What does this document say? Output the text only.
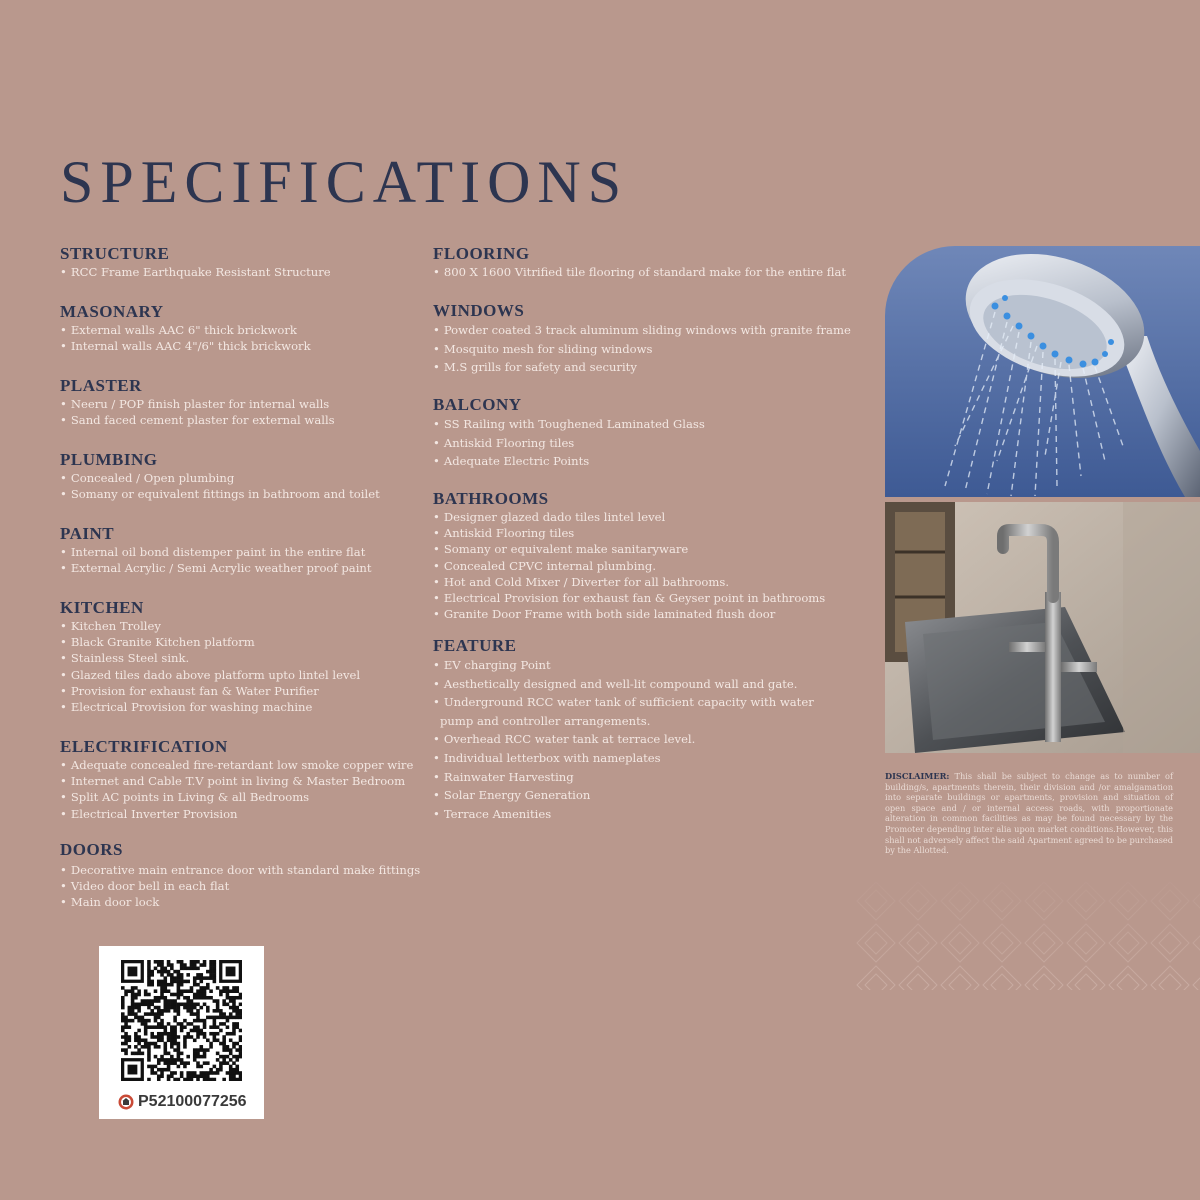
SPECIFICATIONS
STRUCTURE
• RCC Frame Earthquake Resistant Structure
MASONARY
• External walls AAC 6" thick brickwork
• Internal walls AAC 4"/6" thick brickwork
PLASTER
• Neeru / POP finish plaster for internal walls
• Sand faced cement plaster for external walls
PLUMBING
• Concealed / Open plumbing
• Somany or equivalent fittings in bathroom and toilet
PAINT
• Internal oil bond distemper paint in the entire flat
• External Acrylic / Semi Acrylic weather proof paint
KITCHEN
• Kitchen Trolley
• Black Granite Kitchen platform
• Stainless Steel sink.
• Glazed tiles dado above platform upto lintel level
• Provision for exhaust fan & Water Purifier
• Electrical Provision for washing machine
ELECTRIFICATION
• Adequate concealed fire-retardant low smoke copper wire
• Internet and Cable T.V point in living & Master Bedroom
• Split AC points in Living & all Bedrooms
• Electrical Inverter Provision
DOORS
• Decorative main entrance door with standard make fittings
• Video door bell in each flat
• Main door lock
FLOORING
• 800 X 1600 Vitrified tile flooring of standard make for the entire flat
WINDOWS
• Powder coated 3 track aluminum sliding windows with granite frame
• Mosquito mesh for sliding windows
• M.S grills for safety and security
BALCONY
• SS Railing with Toughened Laminated Glass
• Antiskid Flooring tiles
• Adequate Electric Points
BATHROOMS
• Designer glazed dado tiles lintel level
• Antiskid Flooring tiles
• Somany or equivalent make sanitaryware
• Concealed CPVC internal plumbing.
• Hot and Cold Mixer / Diverter for all bathrooms.
• Electrical Provision for exhaust fan & Geyser point in bathrooms
• Granite Door Frame with both side laminated flush door
FEATURE
• EV charging Point
• Aesthetically designed and well-lit compound wall and gate.
• Underground RCC water tank of sufficient capacity with water
pump and controller arrangements.
• Overhead RCC water tank at terrace level.
• Individual letterbox with nameplates
• Rainwater Harvesting
• Solar Energy Generation
• Terrace Amenities

DISCLAIMER: This shall be subject to change as to number of building/s, apartments therein, their division and /or amalgamation into separate buildings or apartments, provision and situation of open space and / or internal access roads, with proportionate alteration in common facilities as may be found necessary by the Promoter depending inter alia upon market conditions.However, this shall not adversely affect the said Apartment agreed to be purchased by the Allotted.

P52100077256
